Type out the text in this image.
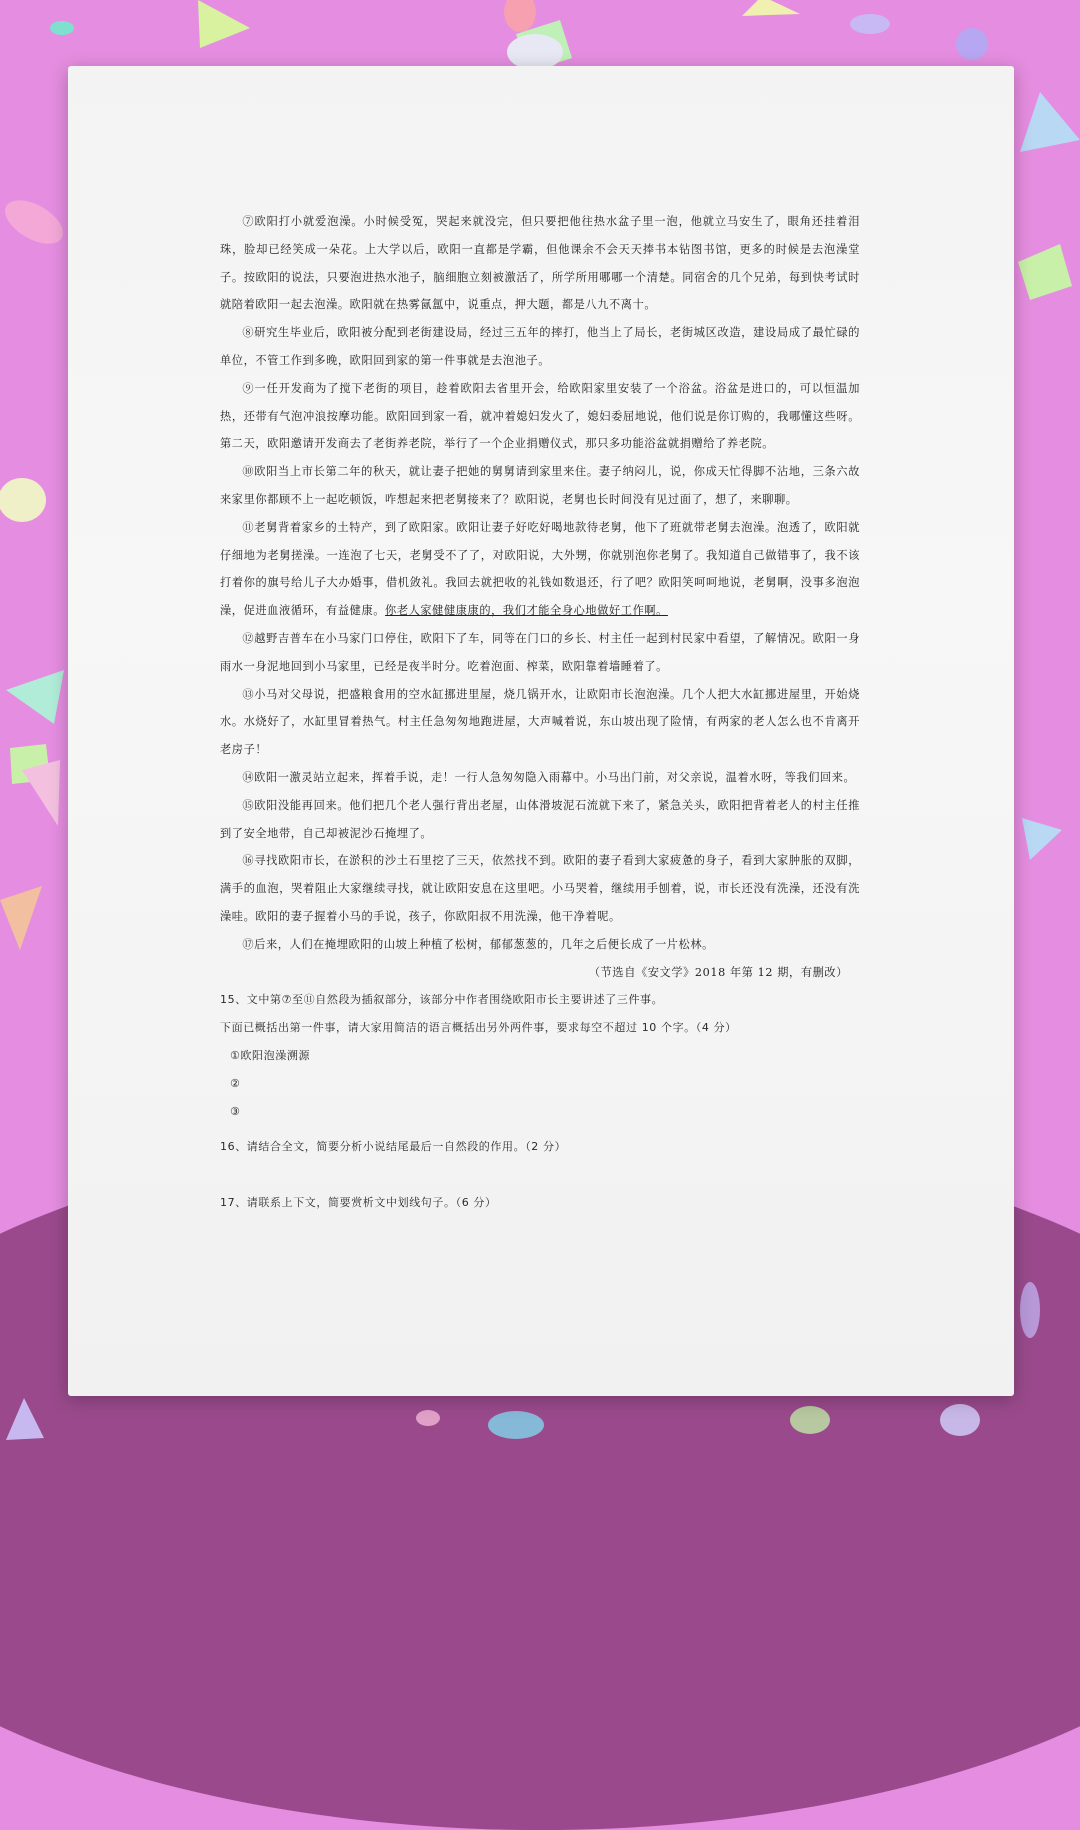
⑦欧阳打小就爱泡澡。小时候受冤，哭起来就没完，但只要把他往热水盆子里一泡，他就立马安生了，眼角还挂着泪珠，脸却已经笑成一朵花。上大学以后，欧阳一直都是学霸，但他课余不会天天捧书本钻图书馆，更多的时候是去泡澡堂子。按欧阳的说法，只要泡进热水池子，脑细胞立刻被激活了，所学所用哪哪一个清楚。同宿舍的几个兄弟，每到快考试时就陪着欧阳一起去泡澡。欧阳就在热雾氤氲中，说重点，押大题，都是八九不离十。

⑧研究生毕业后，欧阳被分配到老街建设局，经过三五年的摔打，他当上了局长，老街城区改造，建设局成了最忙碌的单位，不管工作到多晚，欧阳回到家的第一件事就是去泡池子。

⑨一任开发商为了搅下老街的项目，趁着欧阳去省里开会，给欧阳家里安装了一个浴盆。浴盆是进口的，可以恒温加热，还带有气泡冲浪按摩功能。欧阳回到家一看，就冲着媳妇发火了，媳妇委屈地说，他们说是你订购的，我哪懂这些呀。第二天，欧阳邀请开发商去了老街养老院，举行了一个企业捐赠仪式，那只多功能浴盆就捐赠给了养老院。

⑩欧阳当上市长第二年的秋天，就让妻子把她的舅舅请到家里来住。妻子纳闷儿，说，你成天忙得脚不沾地，三条六故来家里你都顾不上一起吃顿饭，咋想起来把老舅接来了？欧阳说，老舅也长时间没有见过面了，想了，来聊聊。

⑪老舅背着家乡的土特产，到了欧阳家。欧阳让妻子好吃好喝地款待老舅，他下了班就带老舅去泡澡。泡透了，欧阳就仔细地为老舅搓澡。一连泡了七天，老舅受不了了，对欧阳说，大外甥，你就别泡你老舅了。我知道自己做错事了，我不该打着你的旗号给儿子大办婚事，借机敛礼。我回去就把收的礼钱如数退还，行了吧？欧阳笑呵呵地说，老舅啊，没事多泡泡澡，促进血液循环，有益健康。你老人家健健康康的，我们才能全身心地做好工作啊。

⑫越野吉普车在小马家门口停住，欧阳下了车，同等在门口的乡长、村主任一起到村民家中看望，了解情况。欧阳一身雨水一身泥地回到小马家里，已经是夜半时分。吃着泡面、榨菜，欧阳靠着墙睡着了。

⑬小马对父母说，把盛粮食用的空水缸挪进里屋，烧几锅开水，让欧阳市长泡泡澡。几个人把大水缸挪进屋里，开始烧水。水烧好了，水缸里冒着热气。村主任急匆匆地跑进屋，大声喊着说，东山坡出现了险情，有两家的老人怎么也不肯离开老房子！

⑭欧阳一激灵站立起来，挥着手说，走！一行人急匆匆隐入雨幕中。小马出门前，对父亲说，温着水呀，等我们回来。

⑮欧阳没能再回来。他们把几个老人强行背出老屋，山体滑坡泥石流就下来了，紧急关头，欧阳把背着老人的村主任推到了安全地带，自己却被泥沙石掩埋了。

⑯寻找欧阳市长，在淤积的沙土石里挖了三天，依然找不到。欧阳的妻子看到大家疲惫的身子，看到大家肿胀的双脚，满手的血泡，哭着阻止大家继续寻找，就让欧阳安息在这里吧。小马哭着，继续用手刨着，说，市长还没有洗澡，还没有洗澡哇。欧阳的妻子握着小马的手说，孩子，你欧阳叔不用洗澡，他干净着呢。

⑰后来，人们在掩埋欧阳的山坡上种植了松树，郁郁葱葱的，几年之后便长成了一片松林。

（节选自《安文学》2018 年第 12 期，有删改）

15、文中第⑦至⑪自然段为插叙部分，该部分中作者围绕欧阳市长主要讲述了三件事。

下面已概括出第一件事，请大家用简洁的语言概括出另外两件事，要求每空不超过 10 个字。（4 分）

①欧阳泡澡溯源

②

③

16、请结合全文，简要分析小说结尾最后一自然段的作用。（2 分）

17、请联系上下文，简要赏析文中划线句子。（6 分）
